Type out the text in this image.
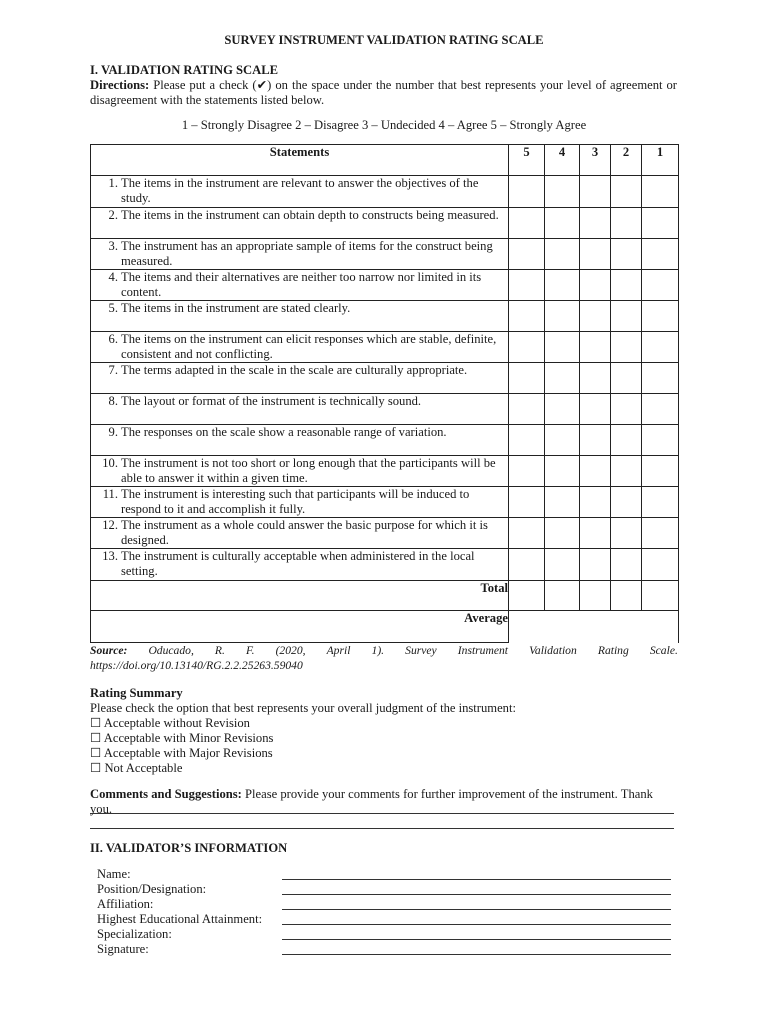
SURVEY INSTRUMENT VALIDATION RATING SCALE
I. VALIDATION RATING SCALE
Directions: Please put a check (✔) on the space under the number that best represents your level of agreement or disagreement with the statements listed below.
1 – Strongly Disagree 2 – Disagree 3 – Undecided 4 – Agree 5 – Strongly Agree
Statements	5	4	3	2	1

1. The items in the instrument are relevant to answer the objectives of the study.					

2. The items in the instrument can obtain depth to constructs being measured.					

3. The instrument has an appropriate sample of items for the construct being measured.					

4. The items and their alternatives are neither too narrow nor limited in its content.					

5. The items in the instrument are stated clearly.					

6. The items on the instrument can elicit responses which are stable, definite, consistent and not conflicting.					

7. The terms adapted in the scale in the scale are culturally appropriate.					

8. The layout or format of the instrument is technically sound.					

9. The responses on the scale show a reasonable range of variation.					

10. The instrument is not too short or long enough that the participants will be able to answer it within a given time.					

11. The instrument is interesting such that participants will be induced to respond to it and accomplish it fully.					

12. The instrument as a whole could answer the basic purpose for which it is designed.					

13. The instrument is culturally acceptable when administered in the local setting.					

Total					
Average					
Source: Oducado, R. F. (2020, April 1). Survey Instrument Validation Rating Scale.
https://doi.org/10.13140/RG.2.2.25263.59040
Rating Summary
Please check the option that best represents your overall judgment of the instrument:
☐ Acceptable without Revision
☐ Acceptable with Minor Revisions
☐ Acceptable with Major Revisions
☐ Not Acceptable
Comments and Suggestions: Please provide your comments for further improvement of the instrument. Thank you.
II. VALIDATOR’S INFORMATION
Name:
Position/Designation:
Affiliation:
Highest Educational Attainment:
Specialization:
Signature:
